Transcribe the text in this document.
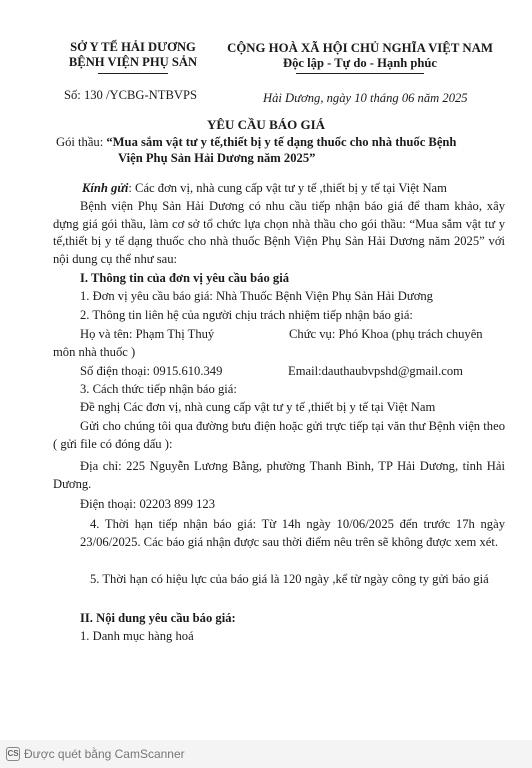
SỞ Y TẾ HẢI DƯƠNG
BỆNH VIỆN PHỤ SẢN
Số: 130 /YCBG-NTBVPS
CỘNG HOÀ XÃ HỘI CHỦ NGHĨA VIỆT NAM
Độc lập - Tự do - Hạnh phúc
Hải Dương, ngày 10 tháng 06 năm 2025
YÊU CẦU BÁO GIÁ
Gói thầu: “Mua sắm vật tư y tế,thiết bị y tế dạng thuốc cho nhà thuốc Bệnh
Viện Phụ Sản Hải Dương năm 2025”
Kính gửi: Các đơn vị, nhà cung cấp vật tư y tế ,thiết bị y tế tại Việt Nam
Bệnh viện Phụ Sản Hải Dương có nhu cầu tiếp nhận báo giá để tham khảo, xây dựng giá gói thầu, làm cơ sở tổ chức lựa chọn nhà thầu cho gói thầu: “Mua sắm vật tư y tế,thiết bị y tế dạng thuốc cho nhà thuốc Bệnh Viện Phụ Sản Hải Dương năm 2025” với nội dung cụ thể như sau:
I. Thông tin của đơn vị yêu cầu báo giá
1. Đơn vị yêu cầu báo giá: Nhà Thuốc Bệnh Viện Phụ Sản Hải Dương
2. Thông tin liên hệ của người chịu trách nhiệm tiếp nhận báo giá:
Họ và tên: Phạm Thị Thuý	Chức vụ: Phó Khoa (phụ trách chuyên
môn nhà thuốc )
Số điện thoại: 0915.610.349	Email:dauthaubvpshd@gmail.com
3. Cách thức tiếp nhận báo giá:
Đề nghị Các đơn vị, nhà cung cấp vật tư y tế ,thiết bị y tế tại Việt Nam
Gửi cho chúng tôi qua đường bưu điện hoặc gửi trực tiếp tại văn thư Bệnh viện theo ( gửi file có đóng dấu ):
Địa chỉ: 225 Nguyễn Lương Bằng, phường Thanh Bình, TP Hải Dương, tỉnh Hải Dương.
Điện thoại: 02203 899 123
4. Thời hạn tiếp nhận báo giá: Từ 14h ngày 10/06/2025 đến trước 17h ngày 23/06/2025. Các báo giá nhận được sau thời điểm nêu trên sẽ không được xem xét.
5. Thời hạn có hiệu lực của báo giá là 120 ngày ,kể từ ngày công ty gửi báo giá
II. Nội dung yêu cầu báo giá:
1. Danh mục hàng hoá
CS Được quét bằng CamScanner
